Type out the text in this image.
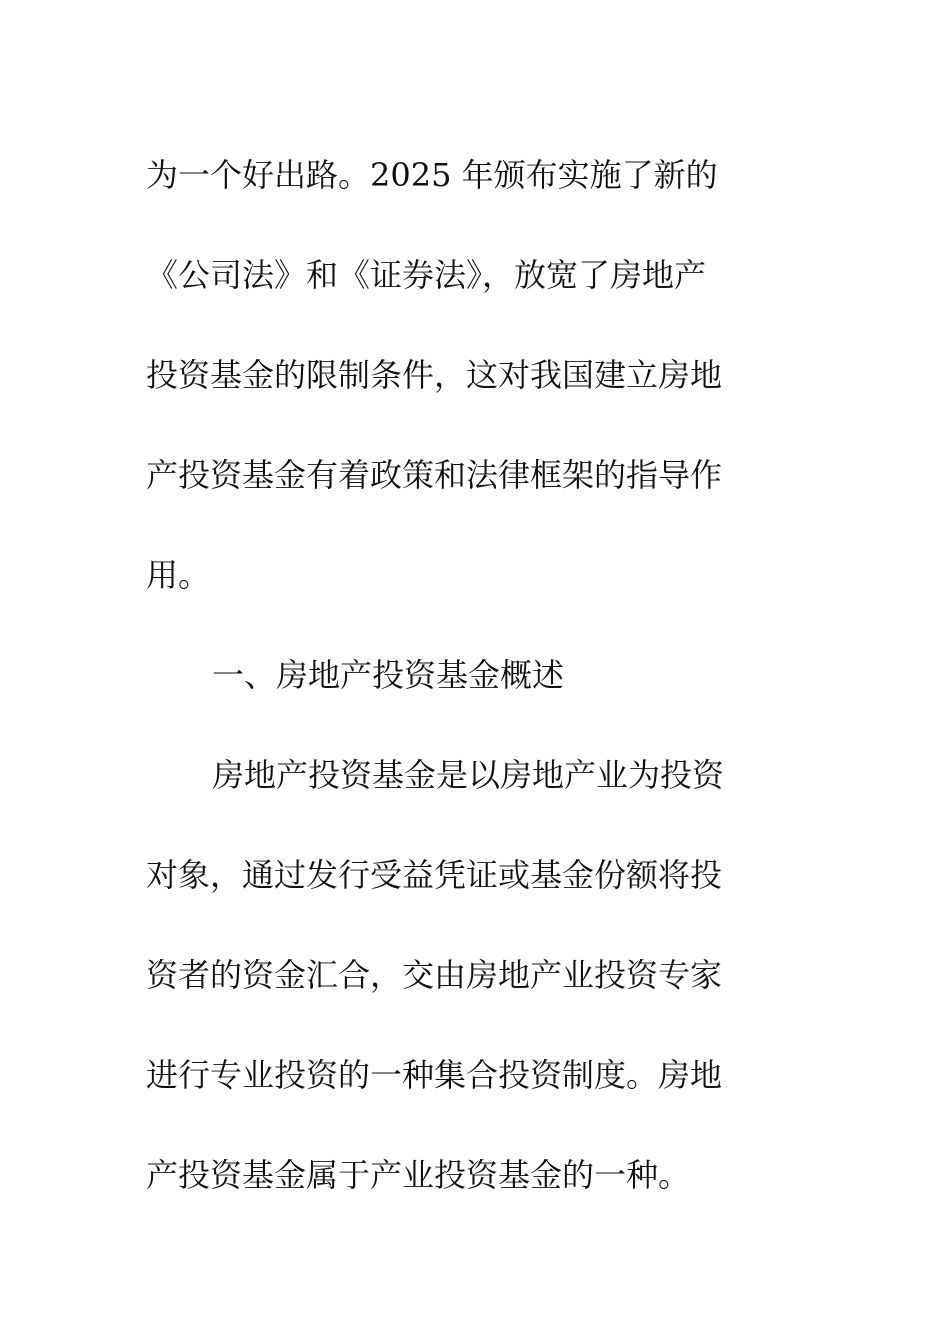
为一个好出路。2025 年颁布实施了新的
《公司法》和《证券法》，放宽了房地产
投资基金的限制条件，这对我国建立房地
产投资基金有着政策和法律框架的指导作
用。
一、房地产投资基金概述
房地产投资基金是以房地产业为投资
对象，通过发行受益凭证或基金份额将投
资者的资金汇合，交由房地产业投资专家
进行专业投资的一种集合投资制度。房地
产投资基金属于产业投资基金的一种。
